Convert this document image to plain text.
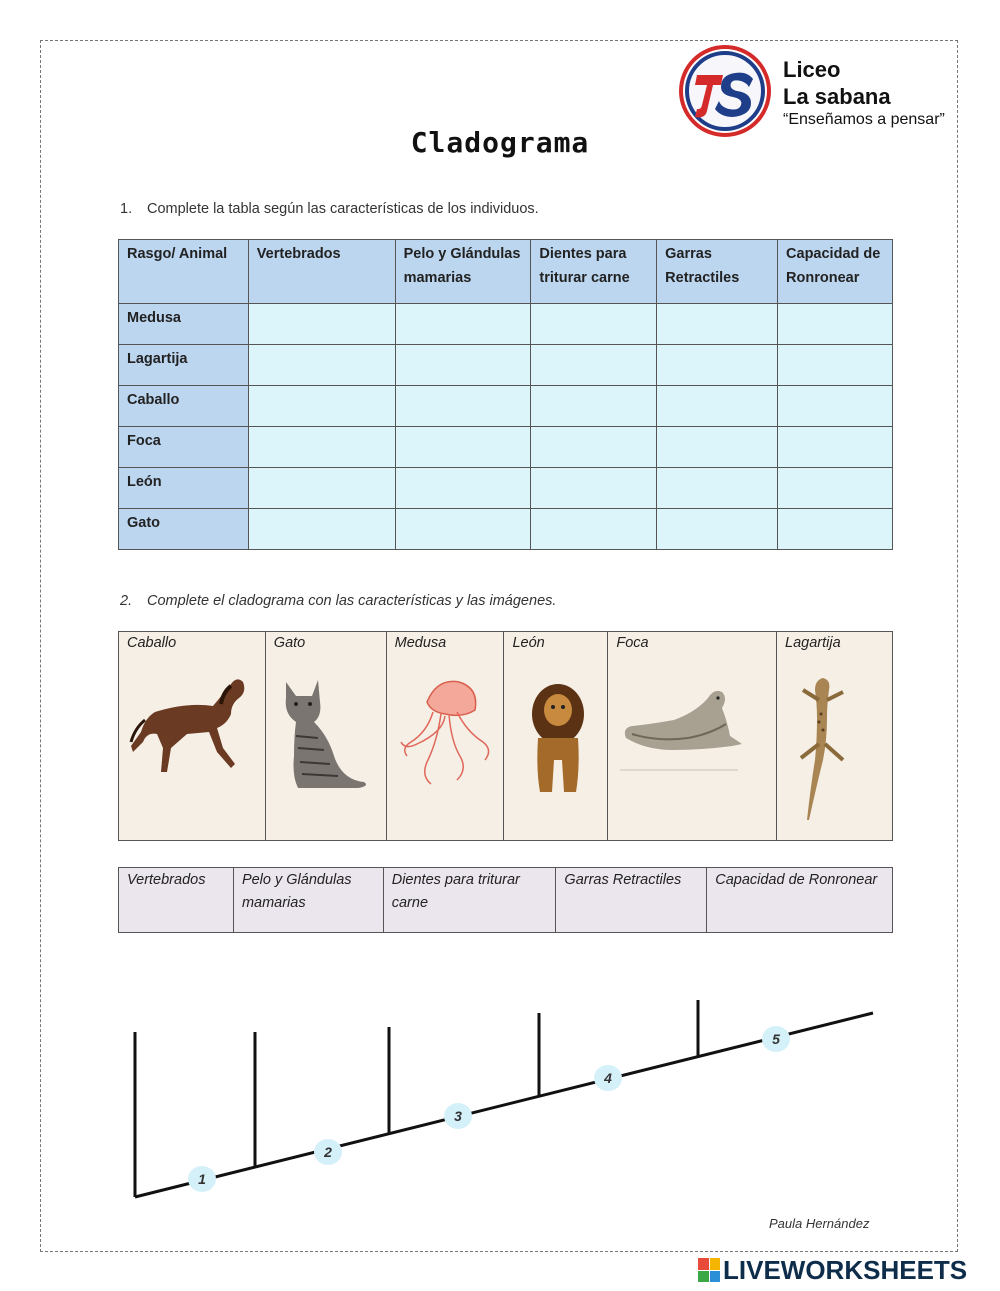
Liceo
La sabana
“Enseñamos a pensar”
Cladograma
1. Complete la tabla según las características de los individuos.
Rasgo/ Animal	Vertebrados	Pelo y Glándulas mamarias	Dientes para triturar carne	Garras Retractiles	Capacidad de Ronronear
Medusa					
Lagartija					
Caballo					
Foca					
León					
Gato					
2. Complete el cladograma con las características y las imágenes.
Caballo	Gato	Medusa	León	Foca	Lagartija
Vertebrados	Pelo y Glándulas mamarias	Dientes para triturar carne	Garras Retractiles	Capacidad de Ronronear
1
2
3
4
5
Paula Hernández
LIVEWORKSHEETS
